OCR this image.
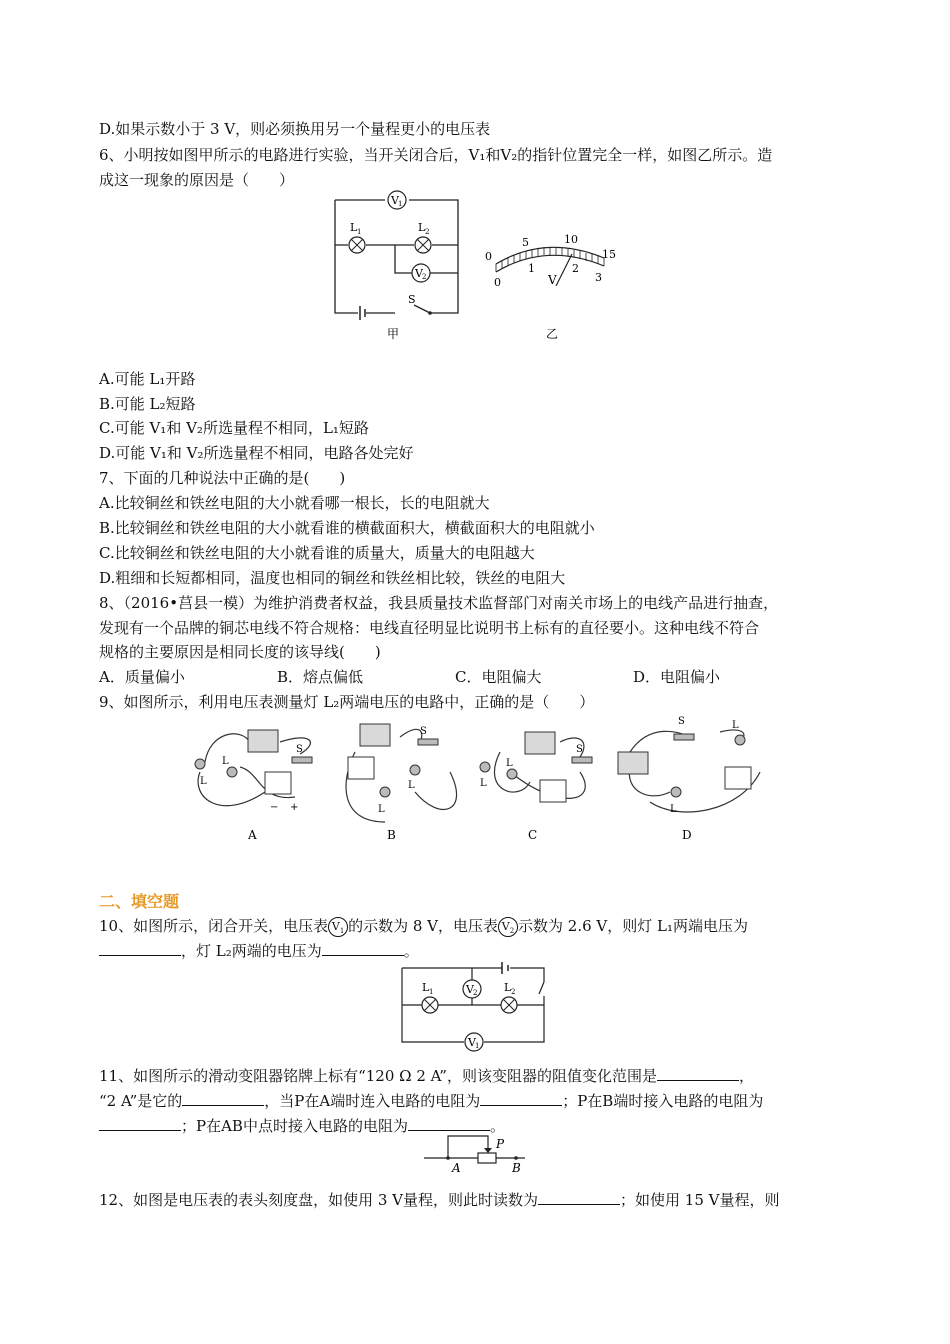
D.如果示数小于 3 V，则必须换用另一个量程更小的电压表
6、小明按如图甲所示的电路进行实验，当开关闭合后，V₁和V₂的指针位置完全一样，如图乙所示。造
成这一现象的原因是（　　）
V 1
L 1	L 2
V 2
S
甲
0
5	10
15
0
1	2
3
V
乙
A.可能 L₁开路
B.可能 L₂短路
C.可能 V₁和 V₂所选量程不相同，L₁短路
D.可能 V₁和 V₂所选量程不相同，电路各处完好
7、下面的几种说法中正确的是(　　)
A.比较铜丝和铁丝电阻的大小就看哪一根长，长的电阻就大
B.比较铜丝和铁丝电阻的大小就看谁的横截面积大，横截面积大的电阻就小
C.比较铜丝和铁丝电阻的大小就看谁的质量大，质量大的电阻越大
D.粗细和长短都相同，温度也相同的铜丝和铁丝相比较，铁丝的电阻大
8、（2016•莒县一模）为维护消费者权益，我县质量技术监督部门对南关市场上的电线产品进行抽查，
发现有一个品牌的铜芯电线不符合规格：电线直径明显比说明书上标有的直径要小。这种电线不符合
规格的主要原因是相同长度的该导线(　　)
A．质量偏小	B．熔点偏低	C．电阻偏大	D．电阻偏小
9、如图所示，利用电压表测量灯 L₂两端电压的电路中，正确的是（　　）
S
S
S
S
L
L
L
L	L
L
L
L
− +
A	B	C	D
二、填空题
10、如图所示，闭合开关，电压表 $V_1$ 的示数为 8 V，电压表 $V_2$ 示数为 2.6 V，则灯 L₁两端电压为
，灯 L₂两端的电压为	。
V 2
L 1	L 2
V 1
11、如图所示的滑动变阻器铭牌上标有“120 Ω 2 A”，则该变阻器的阻值变化范围是	，
“2 A”是它的	，当P在A端时连入电路的电阻为	；P在B端时接入电路的电阻为
；P在AB中点时接入电路的电阻为	。
P
A	B
12、如图是电压表的表头刻度盘，如使用 3 V量程，则此时读数为	；如使用 15 V量程，则
